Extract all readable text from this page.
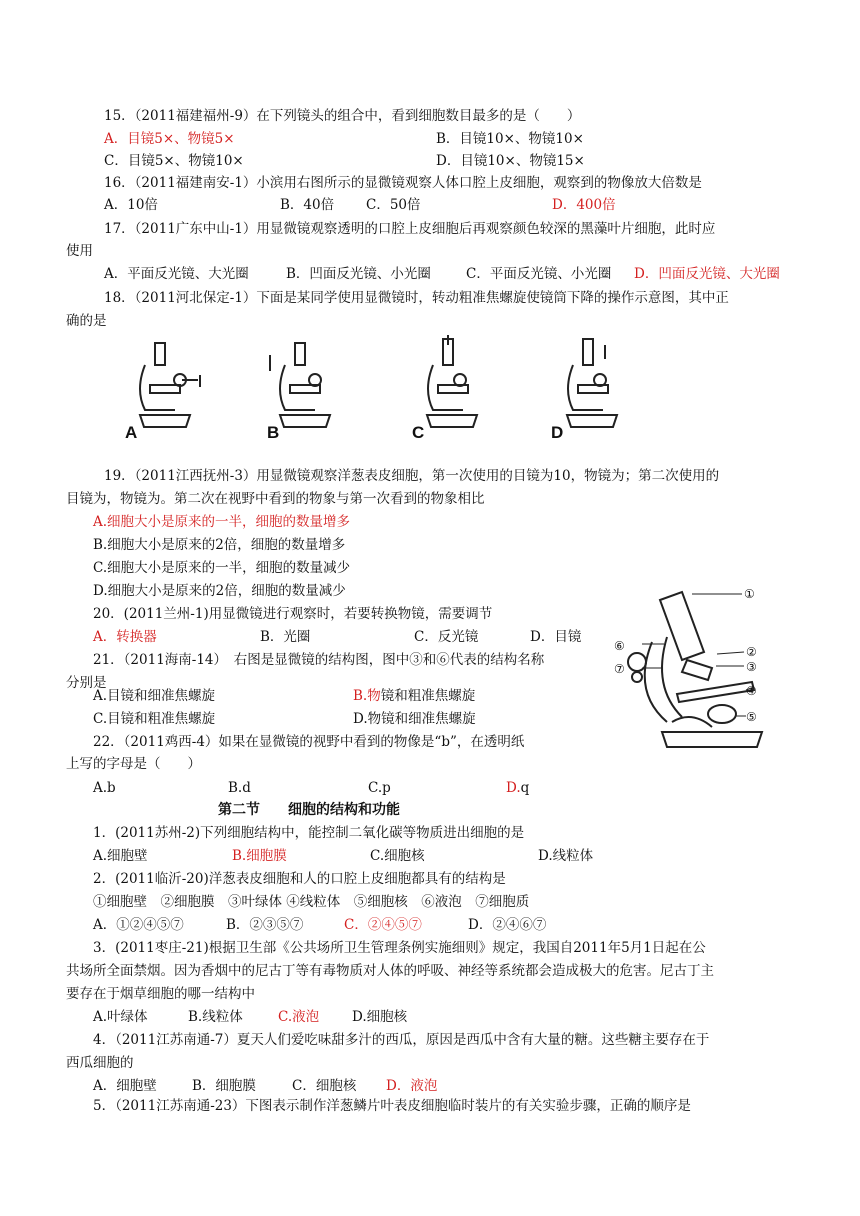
15．（2011福建福州-9）在下列镜头的组合中，看到细胞数目最多的是（　　）
A．目镜5×、物镜5×	B．目镜10×、物镜10×
C．目镜5×、物镜10×	D．目镜10×、物镜15×
16．（2011福建南安-1）小滨用右图所示的显微镜观察人体口腔上皮细胞，观察到的物像放大倍数是
A．10倍	B．40倍 C．50倍	D．400倍
17．（2011广东中山-1）用显微镜观察透明的口腔上皮细胞后再观察颜色较深的黑藻叶片细胞，此时应
使用
A．平面反光镜、大光圈	B．凹面反光镜、小光圈	C．平面反光镜、小光圈 D．凹面反光镜、大光圈
18．（2011河北保定-1）下面是某同学使用显微镜时，转动粗准焦螺旋使镜筒下降的操作示意图，其中正
确的是
A	B	C	D
19．（2011江西抚州-3）用显微镜观察洋葱表皮细胞，第一次使用的目镜为10，物镜为；第二次使用的
目镜为，物镜为。第二次在视野中看到的物象与第一次看到的物象相比
A.细胞大小是原来的一半，细胞的数量增多
B.细胞大小是原来的2倍，细胞的数量增多
C.细胞大小是原来的一半，细胞的数量减少
D.细胞大小是原来的2倍，细胞的数量减少
20．(2011兰州-1)用显微镜进行观察时，若要转换物镜，需要调节
A．转换器	B．光圈	C．反光镜	D．目镜
21．（2011海南-14）　右图是显微镜的结构图，图中③和⑥代表的结构名称
分别是
A.目镜和细准焦螺旋	B.物镜和粗准焦螺旋
C.目镜和粗准焦螺旋	D.物镜和细准焦螺旋
①
②
③
④
⑤
⑥
⑦
22．（2011鸡西-4）如果在显微镜的视野中看到的物像是“b”，在透明纸
上写的字母是（　　）
A.b	B.d	C.p	D.q
第二节　　细胞的结构和功能
1．(2011苏州-2)下列细胞结构中，能控制二氧化碳等物质进出细胞的是
A.细胞壁	B.细胞膜	C.细胞核	D.线粒体
2．(2011临沂-20)洋葱表皮细胞和人的口腔上皮细胞都具有的结构是
①细胞壁　②细胞膜　③叶绿体 ④线粒体　⑤细胞核　⑥液泡　⑦细胞质
A．①②④⑤⑦	B．②③⑤⑦	C．②④⑤⑦	D．②④⑥⑦
3．(2011枣庄-21)根据卫生部《公共场所卫生管理条例实施细则》规定，我国自2011年5月1日起在公
共场所全面禁烟。因为香烟中的尼古丁等有毒物质对人体的呼吸、神经等系统都会造成极大的危害。尼古丁主
要存在于烟草细胞的哪一结构中
A.叶绿体	B.线粒体	C.液泡 D.细胞核
4．（2011江苏南通-7）夏天人们爱吃味甜多汁的西瓜，原因是西瓜中含有大量的糖。这些糖主要存在于
西瓜细胞的
A．细胞壁	B．细胞膜	C．细胞核 D．液泡
5．（2011江苏南通-23）下图表示制作洋葱鳞片叶表皮细胞临时装片的有关实验步骤，正确的顺序是
